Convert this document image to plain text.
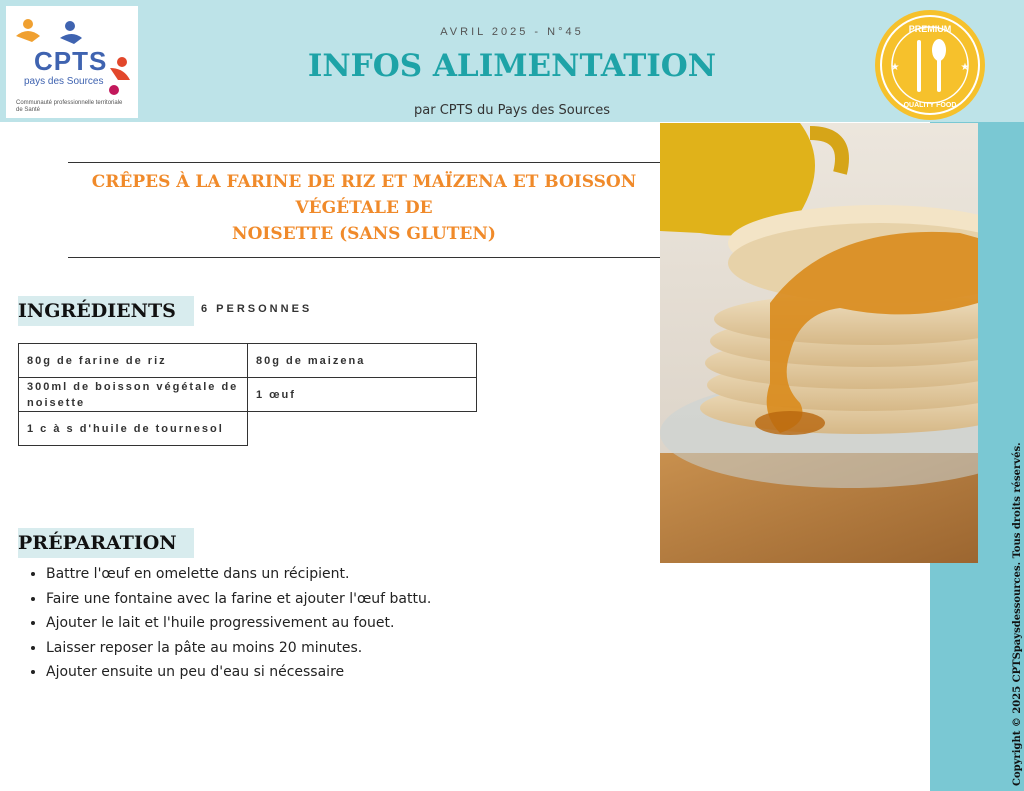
CPTS
pays des Sources
Communauté professionnelle territoriale de Santé
AVRIL 2025 - N°45
INFOS ALIMENTATION
par CPTS du Pays des Sources
PREMIUM
QUALITY FOOD
★	★
CRÊPES À LA FARINE DE RIZ ET MAÏZENA ET BOISSON
VÉGÉTALE DE
NOISETTE (SANS GLUTEN)
INGRÉDIENTS	6 PERSONNES
80g de farine de riz	80g de maizena
300ml de boisson végétale de noisette	1 œuf
1 c à s d'huile de tournesol	
PRÉPARATION
• Battre l'œuf en omelette dans un récipient.
• Faire une fontaine avec la farine et ajouter l'œuf battu.
• Ajouter le lait et l'huile progressivement au fouet.
• Laisser reposer la pâte au moins 20 minutes.
• Ajouter ensuite un peu d'eau si nécessaire	Copyright © 2025 CPTSpaysdessources. Tous droits réservés.
